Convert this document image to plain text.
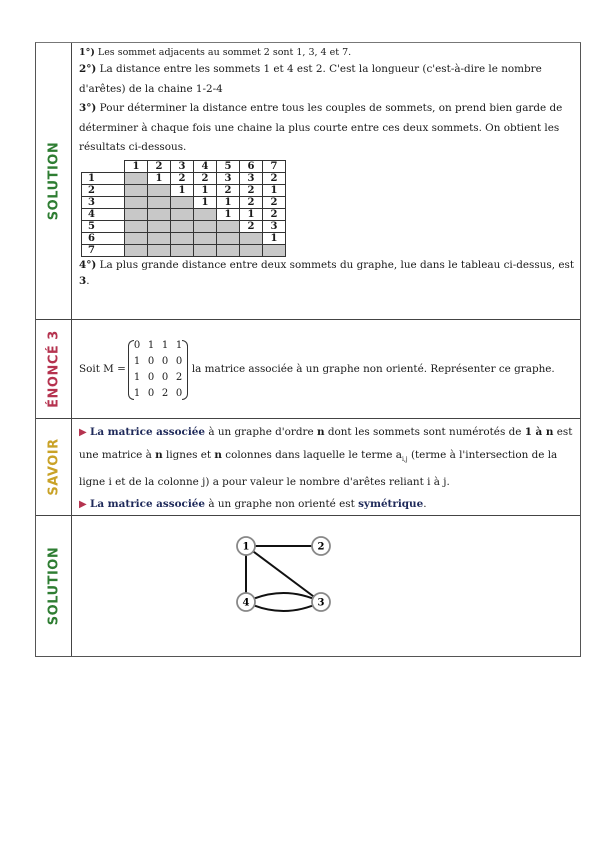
SOLUTION
1°) Les sommet adjacents au sommet 2 sont 1, 3, 4 et 7.
2°) La distance entre les sommets 1 et 4 est 2. C'est la longueur (c'est-à-dire le nombre d'arêtes) de la chaine 1-2-4
3°) Pour déterminer la distance entre tous les couples de sommets, on prend bien garde de déterminer à chaque fois une chaine la plus courte entre ces deux sommets. On obtient les résultats ci-dessous.
	1	2	3	4	5	6	7
1		1	2	2	3	3	2
2			1	1	2	2	1
3				1	1	2	2
4					1	1	2
5						2	3
6							1
7							
4°) La plus grande distance entre deux sommets du graphe, lue dans le tableau ci-dessus, est 3.
ÉNONCÉ 3 Soit M =
0 1 1 1
1 0 0 0
1 0 0 2
1 0 2 0
la matrice associée à un graphe non orienté. Représenter ce graphe.
SAVOIR
▶ La matrice associée à un graphe d'ordre n dont les sommets sont numérotés de 1 à n est une matrice à n lignes et n colonnes dans laquelle le terme $a_{i,j}$ (terme à l'intersection de la ligne i et de la colonne j) a pour valeur le nombre d'arêtes reliant i à j.
▶ La matrice associée à un graphe non orienté est symétrique.
SOLUTION	1	2
3
4
